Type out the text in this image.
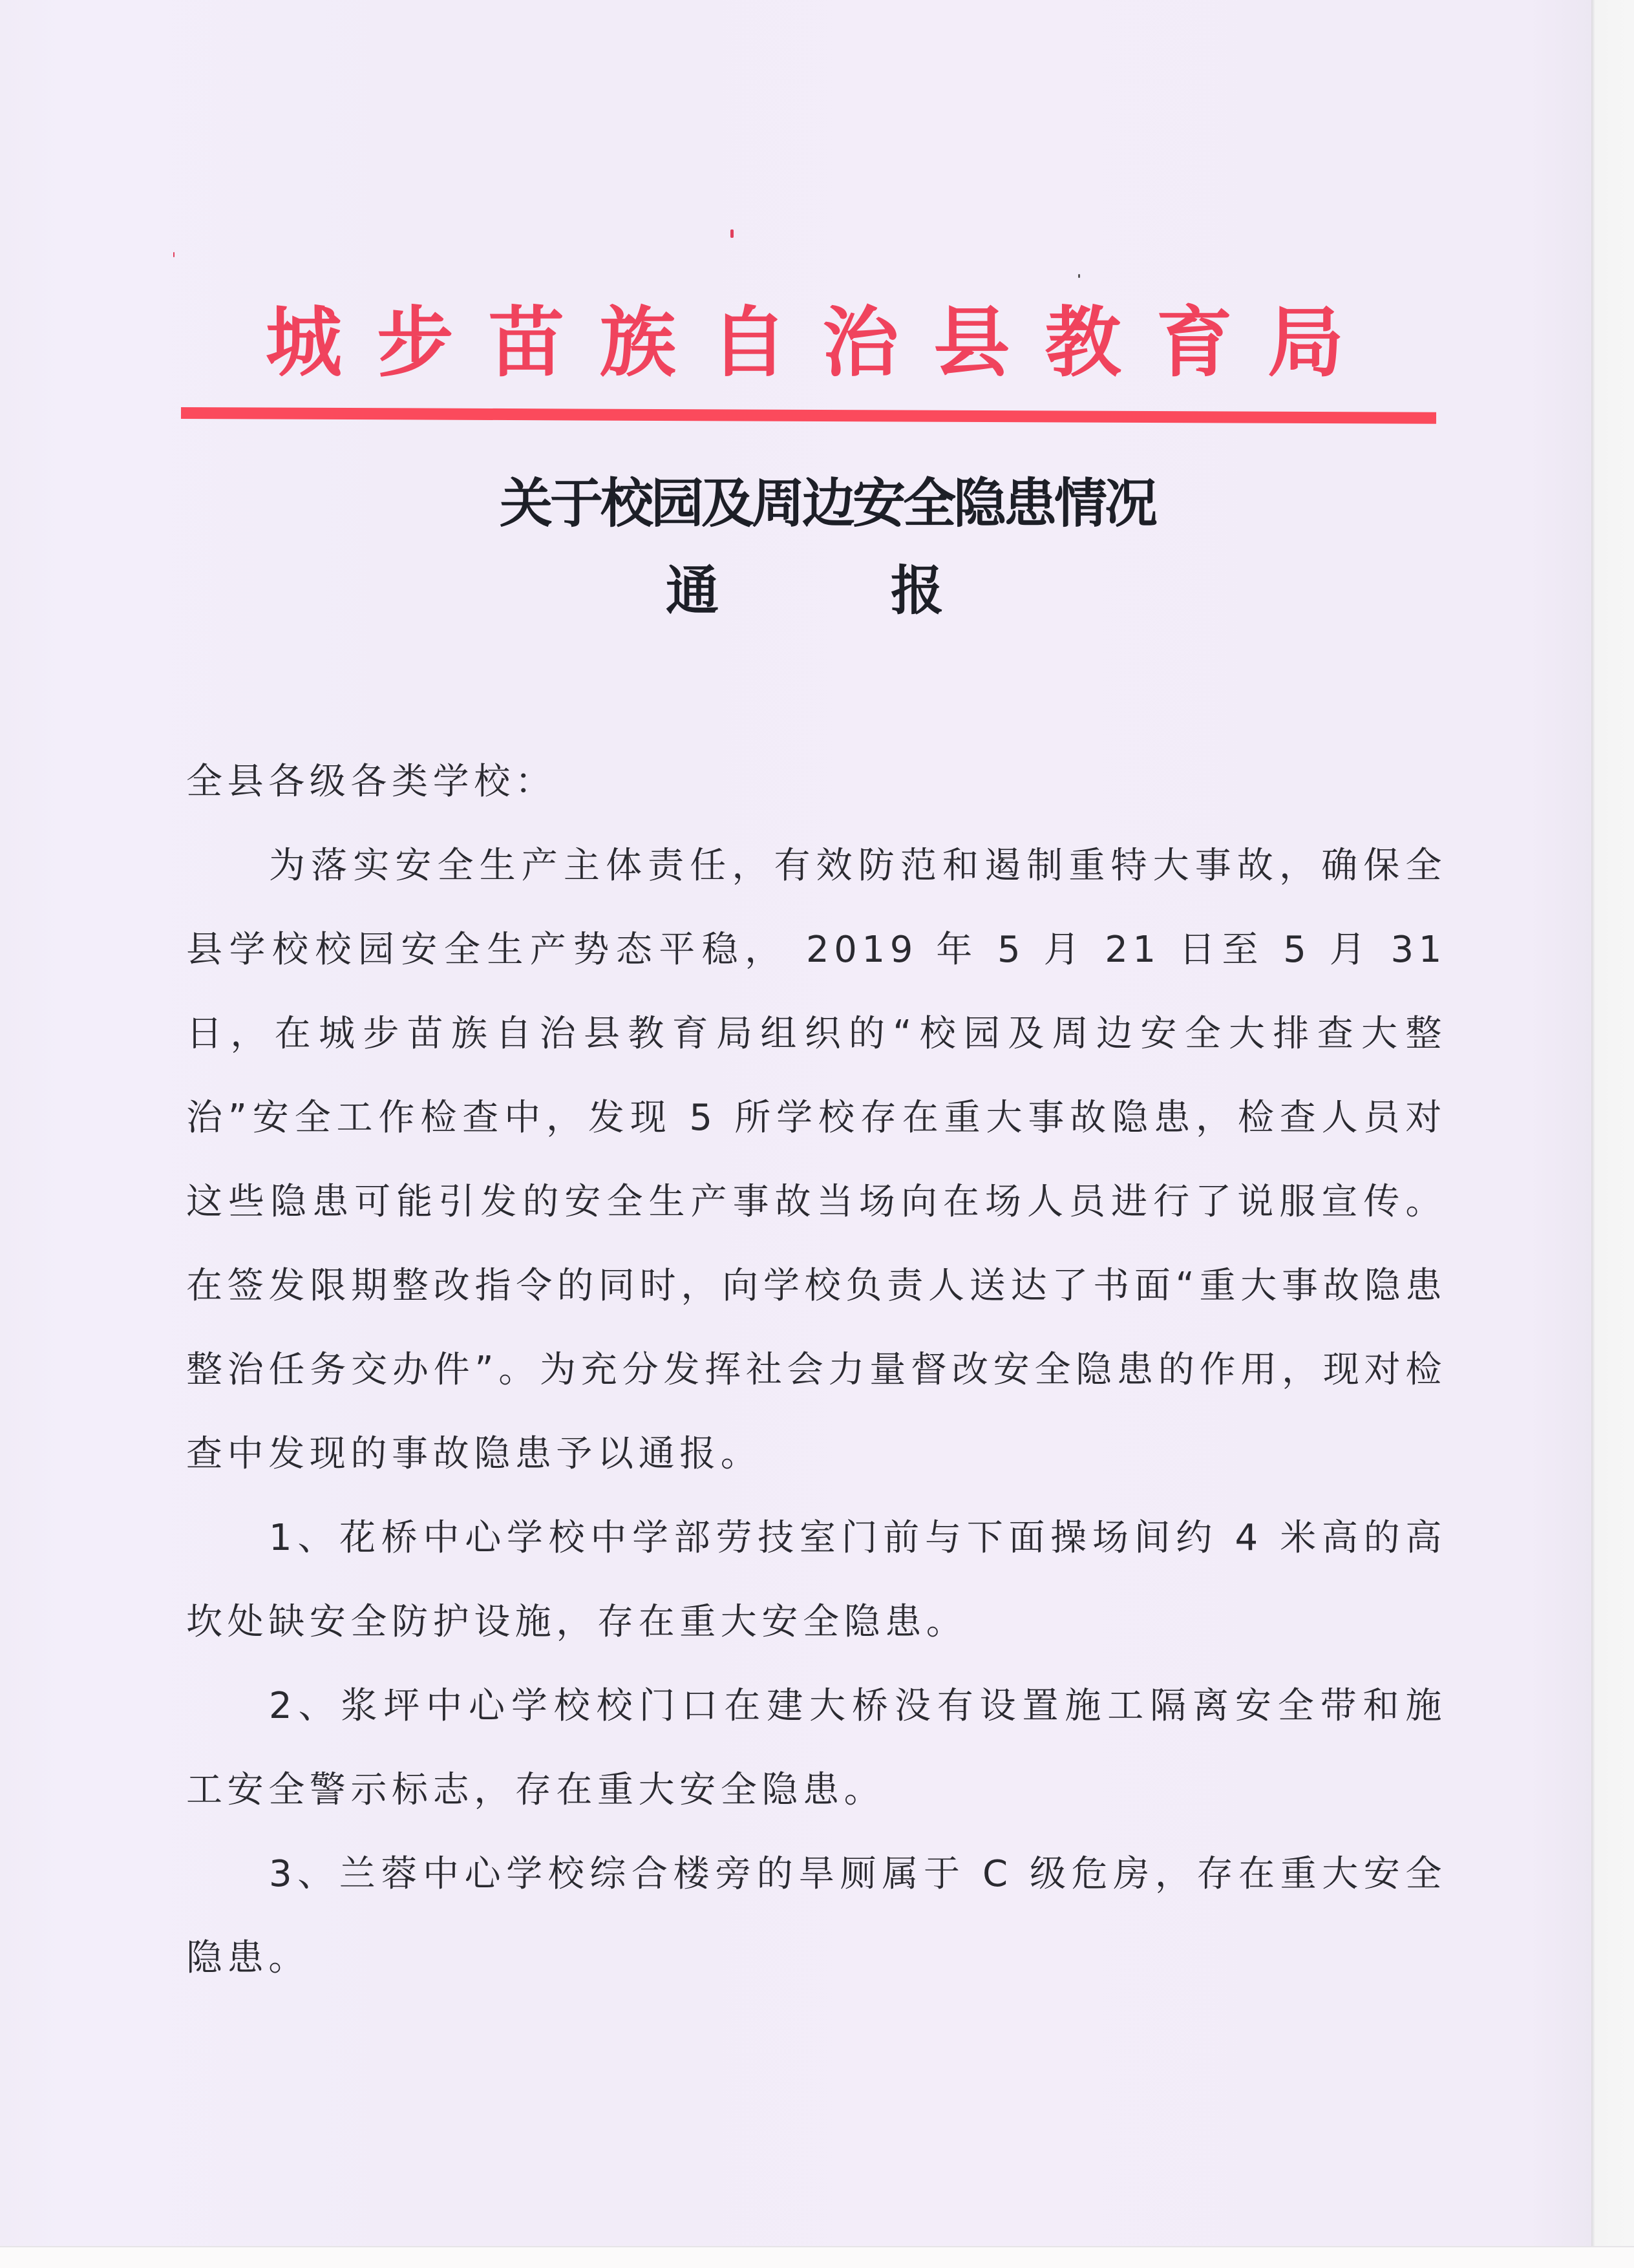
城 步 苗 族 自 治 县 教 育 局
关于校园及周边安全隐患情况
通	报

全县各级各类学校：

为落实安全生产主体责任，有效防范和遏制重特大事故，确保全县学校校园安全生产势态平稳， 2019 年 5 月 21 日至 5 月 31 日，在城步苗族自治县教育局组织的“校园及周边安全大排查大整治”安全工作检查中，发现 5 所学校存在重大事故隐患，检查人员对这些隐患可能引发的安全生产事故当场向在场人员进行了说服宣传。在签发限期整改指令的同时，向学校负责人送达了书面“重大事故隐患整治任务交办件”。为充分发挥社会力量督改安全隐患的作用，现对检查中发现的事故隐患予以通报。

1、花桥中心学校中学部劳技室门前与下面操场间约 4 米高的高坎处缺安全防护设施，存在重大安全隐患。

2、浆坪中心学校校门口在建大桥没有设置施工隔离安全带和施工安全警示标志，存在重大安全隐患。

3、兰蓉中心学校综合楼旁的旱厕属于 C 级危房，存在重大安全隐患。
